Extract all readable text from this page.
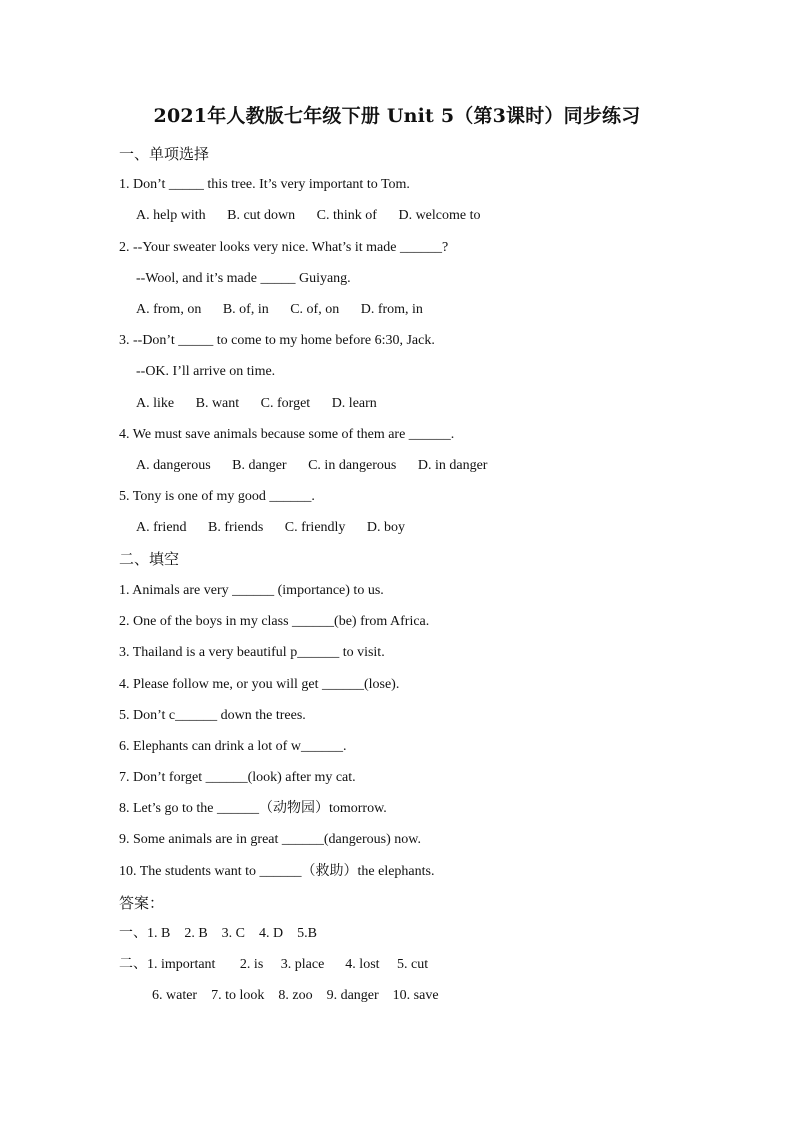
2021年人教版七年级下册 Unit 5（第3课时）同步练习
一、单项选择
1. Don’t _____ this tree. It’s very important to Tom.
A. help with B. cut down C. think of D. welcome to
2. --Your sweater looks very nice. What’s it made ______?
--Wool, and it’s made _____ Guiyang.
A. from, on B. of, in C. of, on D. from, in
3. --Don’t _____ to come to my home before 6:30, Jack.
--OK. I’ll arrive on time.
A. like B. want C. forget D. learn
4. We must save animals because some of them are ______.
A. dangerous B. danger C. in dangerous D. in danger
5. Tony is one of my good ______.
A. friend B. friends C. friendly D. boy
二、填空
1. Animals are very ______ (importance) to us.
2. One of the boys in my class ______(be) from Africa.
3. Thailand is a very beautiful p______ to visit.
4. Please follow me, or you will get ______(lose).
5. Don’t c______ down the trees.
6. Elephants can drink a lot of w______.
7. Don’t forget ______(look) after my cat.
8. Let’s go to the ______（动物园）tomorrow.
9. Some animals are in great ______(dangerous) now.
10. The students want to ______（救助）the elephants.
答案：
一、1. B    2. B    3. C    4. D    5.B
二、1. important       2. is     3. place      4. lost     5. cut
6. water    7. to look    8. zoo    9. danger    10. save
